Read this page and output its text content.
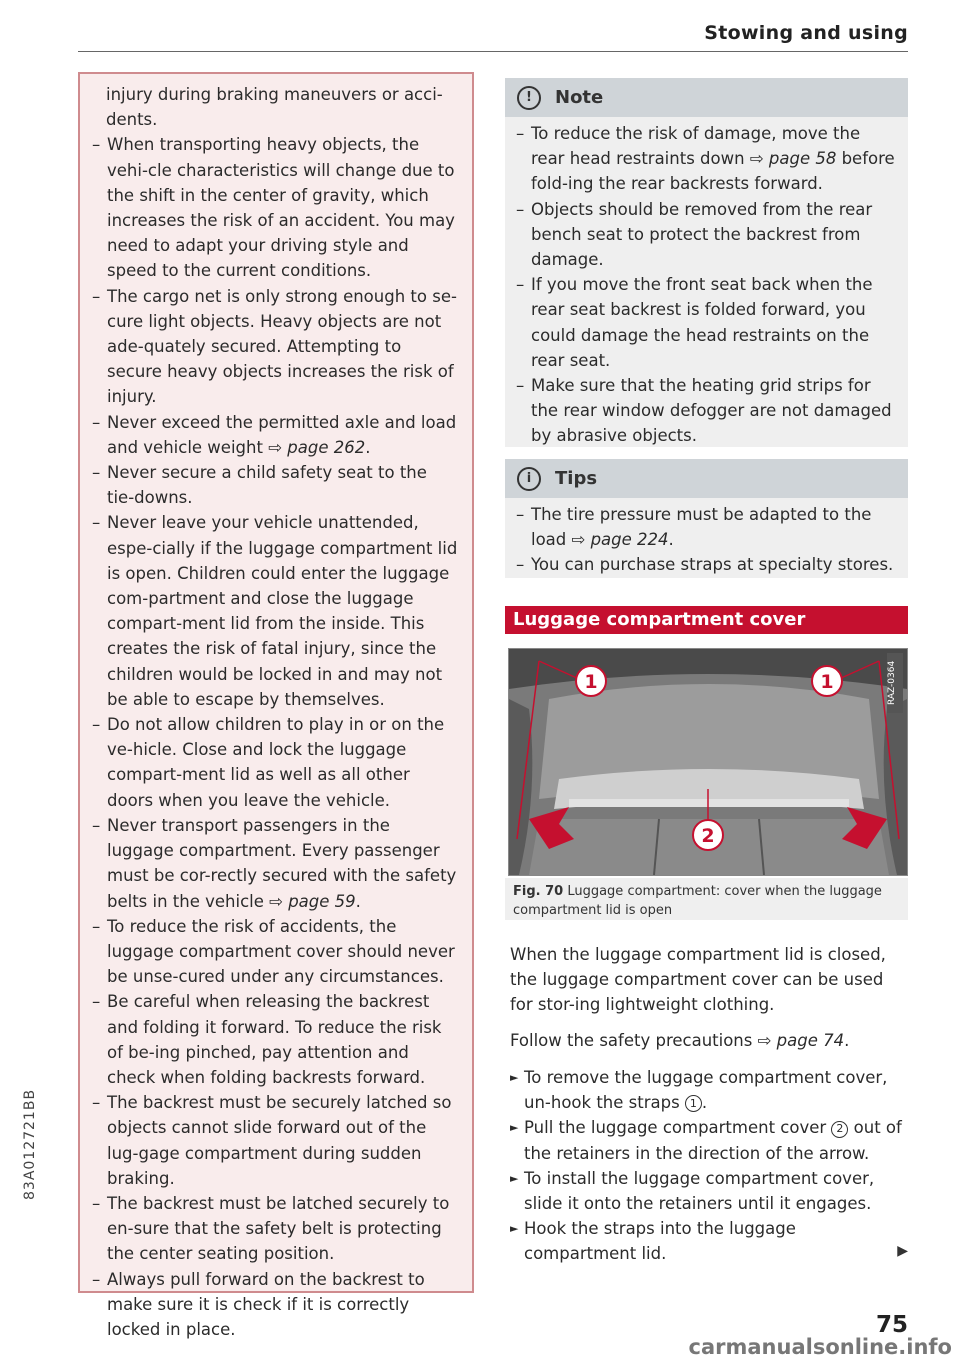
Stowing and using
injury during braking maneuvers or acci-dents.
– When transporting heavy objects, the vehi-cle characteristics will change due to the shift in the center of gravity, which increases the risk of an accident. You may need to adapt your driving style and speed to the current conditions.
– The cargo net is only strong enough to se-cure light objects. Heavy objects are not ade-quately secured. Attempting to secure heavy objects increases the risk of injury.
– Never exceed the permitted axle and load and vehicle weight ⇨ page 262.
– Never secure a child safety seat to the tie-downs.
– Never leave your vehicle unattended, espe-cially if the luggage compartment lid is open. Children could enter the luggage com-partment and close the luggage compart-ment lid from the inside. This creates the risk of fatal injury, since the children would be locked in and may not be able to escape by themselves.
– Do not allow children to play in or on the ve-hicle. Close and lock the luggage compart-ment lid as well as all other doors when you leave the vehicle.
– Never transport passengers in the luggage compartment. Every passenger must be cor-rectly secured with the safety belts in the vehicle ⇨ page 59.
– To reduce the risk of accidents, the luggage compartment cover should never be unse-cured under any circumstances.
– Be careful when releasing the backrest and folding it forward. To reduce the risk of be-ing pinched, pay attention and check when folding backrests forward.
– The backrest must be securely latched so objects cannot slide forward out of the lug-gage compartment during sudden braking.
– The backrest must be latched securely to en-sure that the safety belt is protecting the center seating position.
– Always pull forward on the backrest to make sure it is check if it is correctly locked in place.
!	Note
– To reduce the risk of damage, move the rear head restraints down ⇨ page 58 before fold-ing the rear backrests forward.
– Objects should be removed from the rear bench seat to protect the backrest from damage.
– If you move the front seat back when the rear seat backrest is folded forward, you could damage the head restraints on the rear seat.
– Make sure that the heating grid strips for the rear window defogger are not damaged by abrasive objects.
i	Tips
– The tire pressure must be adapted to the load ⇨ page 224.
– You can purchase straps at specialty stores.
Luggage compartment cover
1	1
2
RAZ-0364
Fig. 70 Luggage compartment: cover when the luggage compartment lid is open
When the luggage compartment lid is closed, the luggage compartment cover can be used for stor-ing lightweight clothing.
Follow the safety precautions ⇨ page 74.
► To remove the luggage compartment cover, un-hook the straps 1 .
► Pull the luggage compartment cover 2 out of the retainers in the direction of the arrow.
► To install the luggage compartment cover, slide it onto the retainers until it engages.
► Hook the straps into the luggage compartment lid.	▶
83A012721BB
75
carmanualsonline.info
